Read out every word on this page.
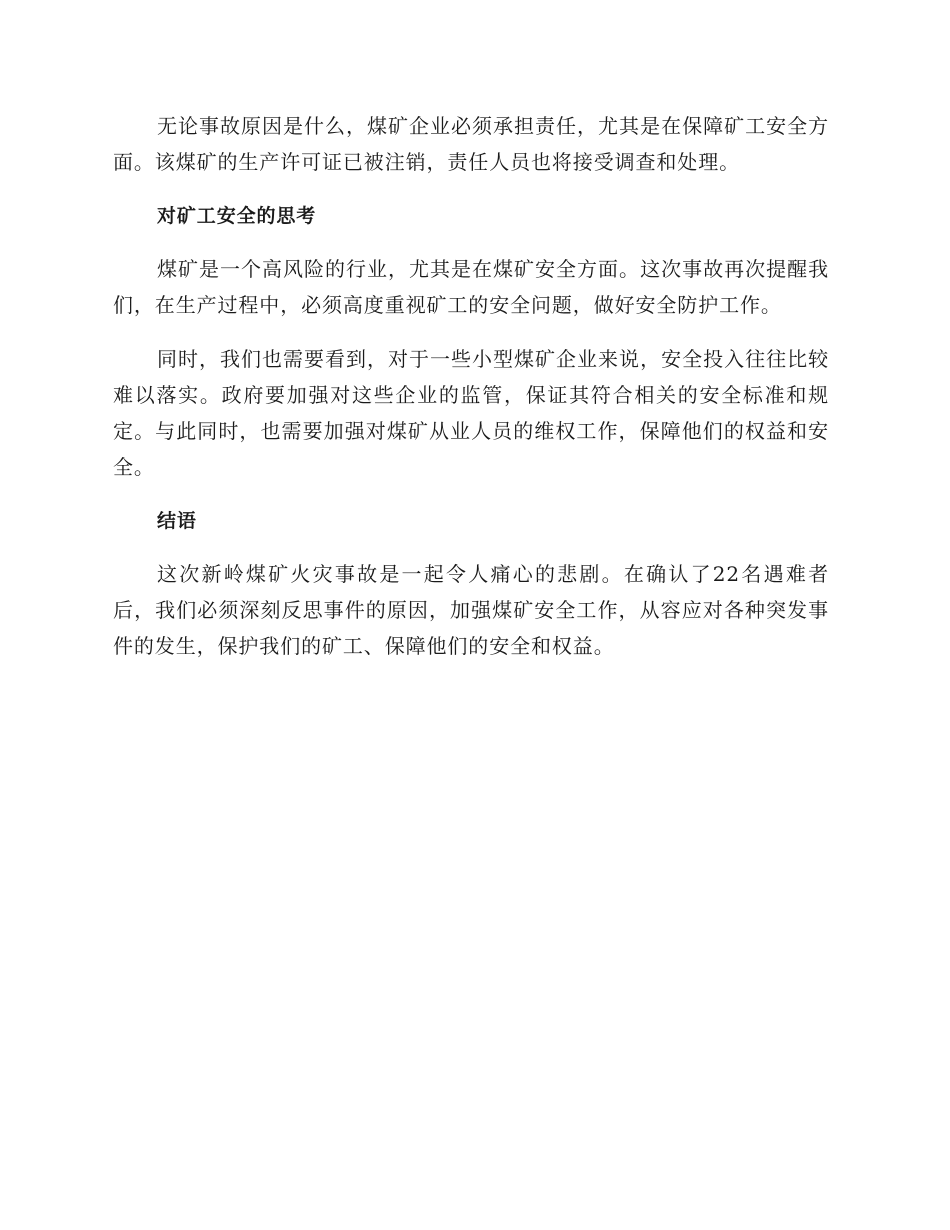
无论事故原因是什么，煤矿企业必须承担责任，尤其是在保障矿工安全方面。该煤矿的生产许可证已被注销，责任人员也将接受调查和处理。

对矿工安全的思考

煤矿是一个高风险的行业，尤其是在煤矿安全方面。这次事故再次提醒我们，在生产过程中，必须高度重视矿工的安全问题，做好安全防护工作。

同时，我们也需要看到，对于一些小型煤矿企业来说，安全投入往往比较难以落实。政府要加强对这些企业的监管，保证其符合相关的安全标准和规定。与此同时，也需要加强对煤矿从业人员的维权工作，保障他们的权益和安全。

结语

这次新岭煤矿火灾事故是一起令人痛心的悲剧。在确认了22名遇难者后，我们必须深刻反思事件的原因，加强煤矿安全工作，从容应对各种突发事件的发生，保护我们的矿工、保障他们的安全和权益。
